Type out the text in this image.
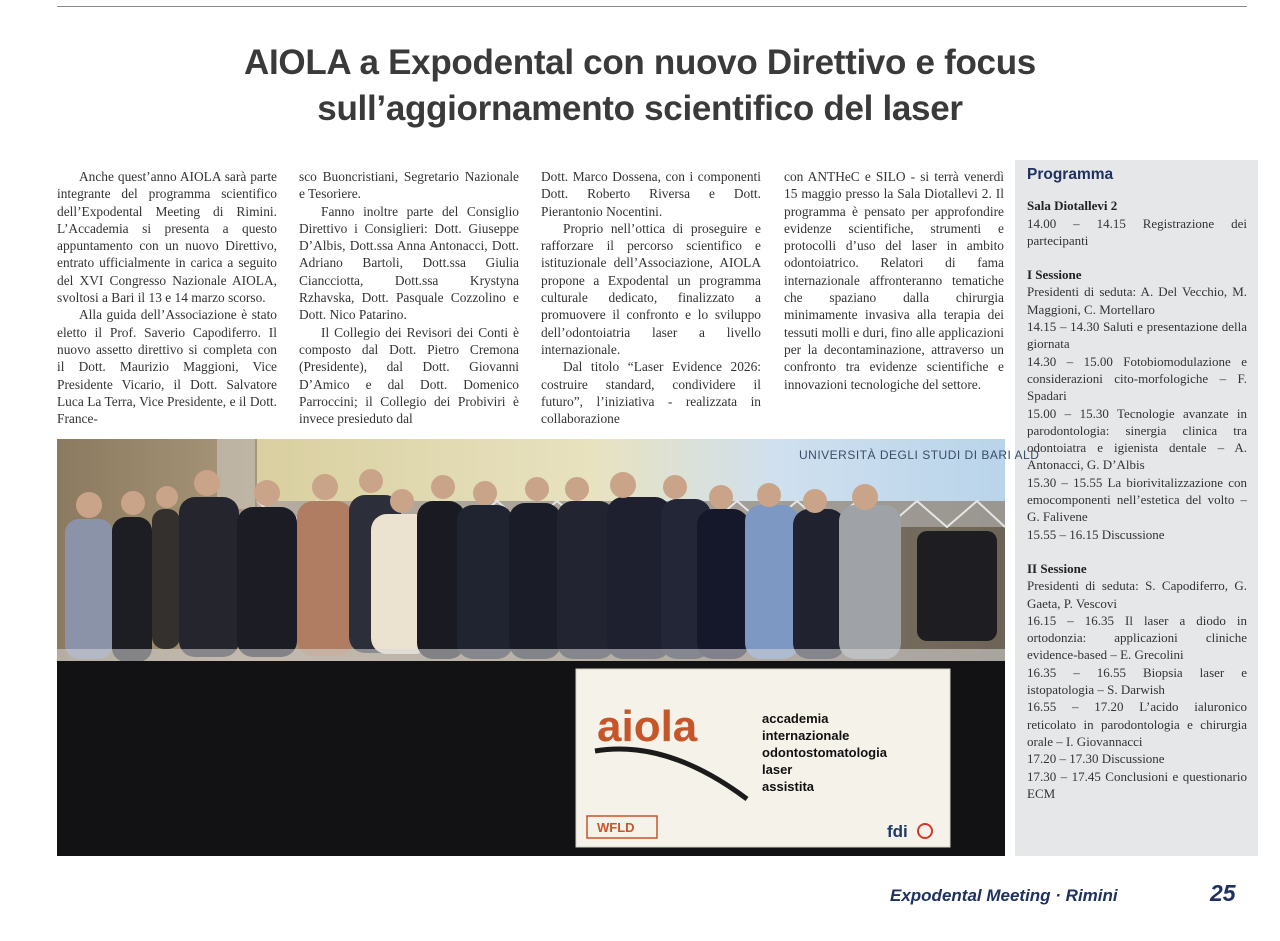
AIOLA a Expodental con nuovo Direttivo e focus
sull’aggiornamento scientifico del laser

Anche quest’anno AIOLA sarà parte integrante del programma scientifico dell’Expodental Meeting di Rimini. L’Accademia si presenta a questo appuntamento con un nuovo Direttivo, entrato ufficialmente in carica a seguito del XVI Congresso Nazionale AIOLA, svoltosi a Bari il 13 e 14 marzo scorso.

Alla guida dell’Associazione è stato eletto il Prof. Saverio Capodiferro. Il nuovo assetto direttivo si completa con il Dott. Maurizio Maggioni, Vice Presidente Vicario, il Dott. Salvatore Luca La Terra, Vice Presidente, e il Dott. France-

sco Buoncristiani, Segretario Nazionale e Tesoriere.

Fanno inoltre parte del Consiglio Direttivo i Consiglieri: Dott. Giuseppe D’Albis, Dott.ssa Anna Antonacci, Dott. Adriano Bartoli, Dott.ssa Giulia Ciancciotta, Dott.ssa Krystyna Rzhavska, Dott. Pasquale Cozzolino e Dott. Nico Patarino.

Il Collegio dei Revisori dei Conti è composto dal Dott. Pietro Cremona (Presidente), dal Dott. Giovanni D’Amico e dal Dott. Domenico Parroccini; il Collegio dei Probiviri è invece presieduto dal

Dott. Marco Dossena, con i componenti Dott. Roberto Riversa e Dott. Pierantonio Nocentini.

Proprio nell’ottica di proseguire e rafforzare il percorso scientifico e istituzionale dell’Associazione, AIOLA propone a Expodental un programma culturale dedicato, finalizzato a promuovere il confronto e lo sviluppo dell’odontoiatria laser a livello internazionale.

Dal titolo “Laser Evidence 2026: costruire standard, condividere il futuro”, l’iniziativa - realizzata in collaborazione

con ANTHeC e SILO - si terrà venerdì 15 maggio presso la Sala Diotallevi 2. Il programma è pensato per approfondire evidenze scientifiche, strumenti e protocolli d’uso del laser in ambito odontoiatrico. Relatori di fama internazionale affronteranno tematiche che spaziano dalla chirurgia minimamente invasiva alla terapia dei tessuti molli e duri, fino alle applicazioni per la decontaminazione, attraverso un confronto tra evidenze scientifiche e innovazioni tecnologiche del settore.

Programma
Sala Diotallevi 2
14.00 – 14.15 Registrazione dei partecipanti
I Sessione
Presidenti di seduta: A. Del Vecchio, M. Maggioni, C. Mortellaro
14.15 – 14.30 Saluti e presentazione della giornata
14.30 – 15.00 Fotobiomodulazione e considerazioni cito-morfologiche – F. Spadari
15.00 – 15.30 Tecnologie avanzate in parodontologia: sinergia clinica tra odontoiatra e igienista dentale – A. Antonacci, G. D’Albis
15.30 – 15.55 La biorivitalizzazione con emocomponenti nell’estetica del volto – G. Falivene
15.55 – 16.15 Discussione
II Sessione
Presidenti di seduta: S. Capodiferro, G. Gaeta, P. Vescovi
16.15 – 16.35 Il laser a diodo in ortodonzia: applicazioni cliniche evidence-based – E. Grecolini
16.35 – 16.55 Biopsia laser e istopatologia – S. Darwish
16.55 – 17.20 L’acido ialuronico reticolato in parodontologia e chirurgia orale – I. Giovannacci
17.20 – 17.30 Discussione
17.30 – 17.45 Conclusioni e questionario ECM
UNIVERSITÀ DEGLI STUDI DI BARI ALD
aiola	accademia
internazionale
odontostomatologia
laser
assistita
WFLD	fdi
Expodental Meeting · Rimini	25
